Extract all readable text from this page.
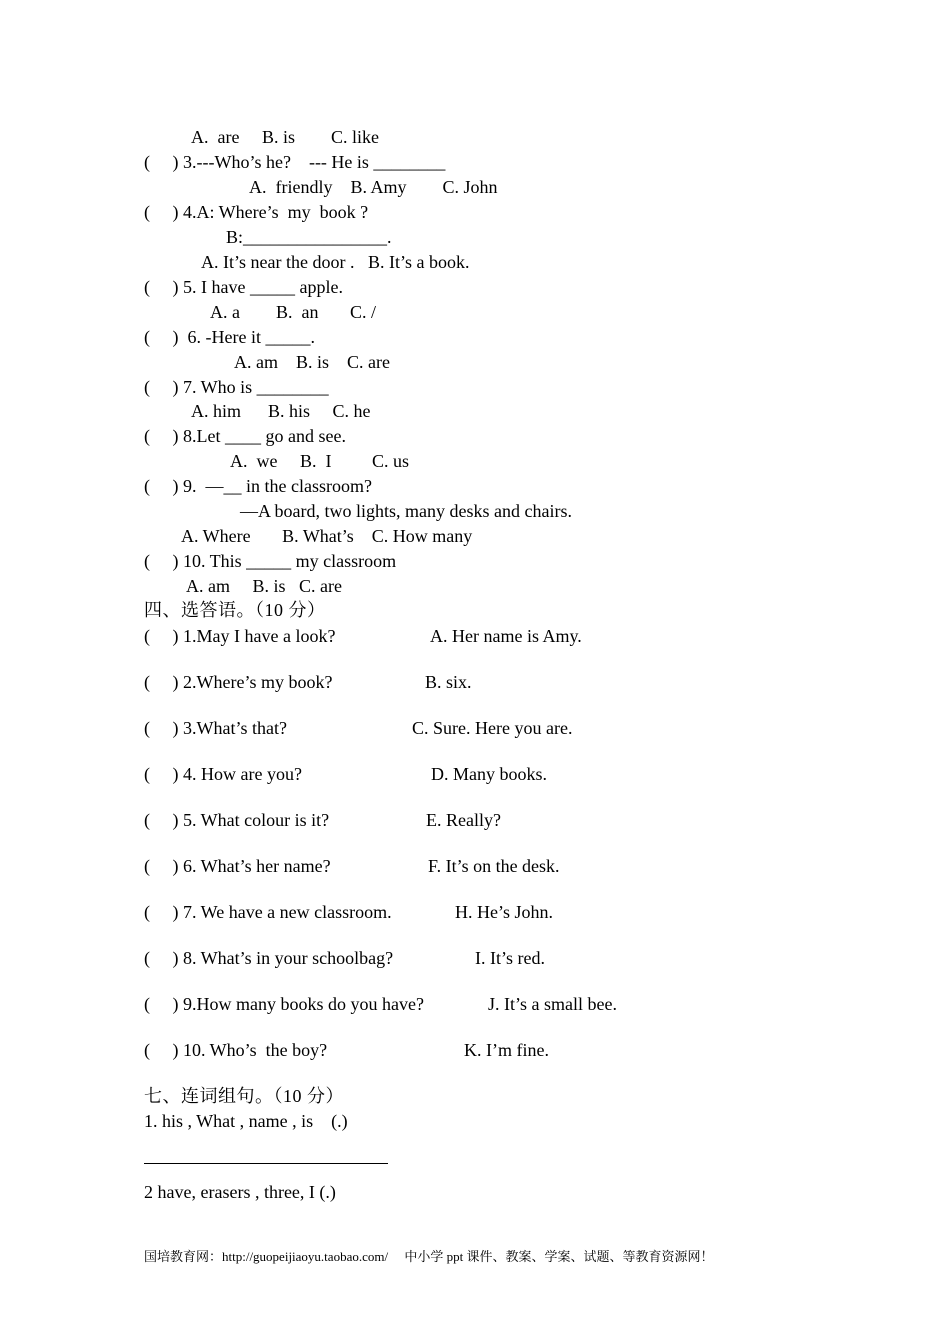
A.  are     B. is        C. like
(     ) 3.---Who’s he?    --- He is ________
A.  friendly    B. Amy        C. John
(     ) 4.A: Where’s  my  book ?
B:________________.
A. It’s near the door .   B. It’s a book.
(     ) 5. I have _____ apple.
A. a        B.  an       C. /
(     )  6. -Here it _____.
A. am    B. is    C. are
(     ) 7. Who is ________
A. him      B. his     C. he
(     ) 8.Let ____ go and see.
A.  we     B.  I         C. us
(     ) 9.  —__ in the classroom?
—A board, two lights, many desks and chairs.
A. Where       B. What’s    C. How many
(     ) 10. This _____ my classroom
A. am     B. is   C. are
四、选答语。（10 分）
(     ) 1.May I have a look?	A. Her name is Amy.
(     ) 2.Where’s my book?	B. six.
(     ) 3.What’s that?	C. Sure. Here you are.
(     ) 4. How are you?	D. Many books.
(     ) 5. What colour is it?	E. Really?
(     ) 6. What’s her name?	F. It’s on the desk.
(     ) 7. We have a new classroom.	H. He’s John.
(     ) 8. What’s in your schoolbag?	I. It’s red.
(     ) 9.How many books do you have?	J. It’s a small bee.
(     ) 10. Who’s  the boy?	K. I’m fine.
七、连词组句。（10 分）
1. his , What , name , is    (.)
2 have, erasers , three, I (.)
国培教育网：http://guopeijiaoyu.taobao.com/     中小学 ppt 课件、教案、学案、试题、等教育资源网！
